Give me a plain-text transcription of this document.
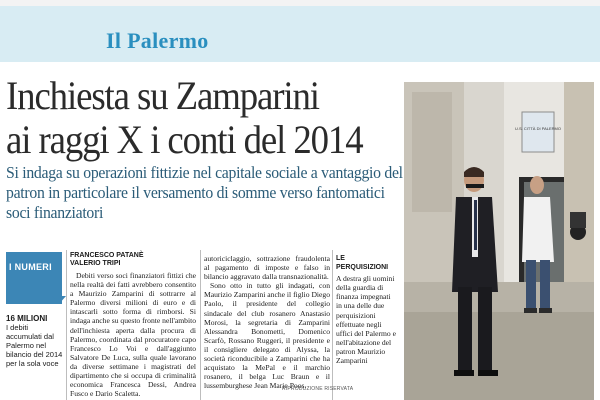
Il Palermo
Inchiesta su Zamparini
ai raggi X i conti del 2014

Si indaga su operazioni fittizie nel capitale sociale a vantaggio del patron in particolare il versamento di somme verso fantomatici soci finanziatori

U.S. CITTÀ DI PALERMO
I NUMERI
16 MILIONI
I debiti accumulati dal Palermo nel bilancio del 2014 per la sola voce
FRANCESCO PATANÈ
VALERIO TRIPI

Debiti verso soci finanziatori fittizi che nella realtà dei fatti avrebbero consentito a Maurizio Zamparini di sottrarre al Palermo diversi milioni di euro e di intascarli sotto forma di rimborsi. Si indaga anche su questo fronte nell'ambito dell'inchiesta aperta dalla procura di Palermo, coordinata dal procuratore capo Francesco Lo Voi e dall'aggiunto Salvatore De Luca, sulla quale lavorano da diverse settimane i magistrati del dipartimento che si occupa di criminalità economica Francesca Dessì, Andrea Fusco e Dario Scaletta.

autoriciclaggio, sottrazione fraudolenta al pagamento di imposte e falso in bilancio aggravato dalla transnazionalità.

Sono otto in tutto gli indagati, con Maurizio Zamparini anche il figlio Diego Paolo, il presidente del collegio sindacale del club rosanero Anastasio Morosi, la segretaria di Zamparini Alessandra Bonometti, Domenico Scarfò, Rossano Ruggeri, il presidente e il consigliere delegato di Alyssa, la società riconducibile a Zamparini che ha acquistato la MePal e il marchio rosanero, il belga Luc Braun e il lussemburghese Jean Marie Poos.

LE PERQUISIZIONI
A destra gli uomini della guardia di finanza impegnati in una delle due perquisizioni effettuate negli uffici del Palermo e nell'abitazione del patron Maurizio Zamparini
RIPRODUZIONE RISERVATA
